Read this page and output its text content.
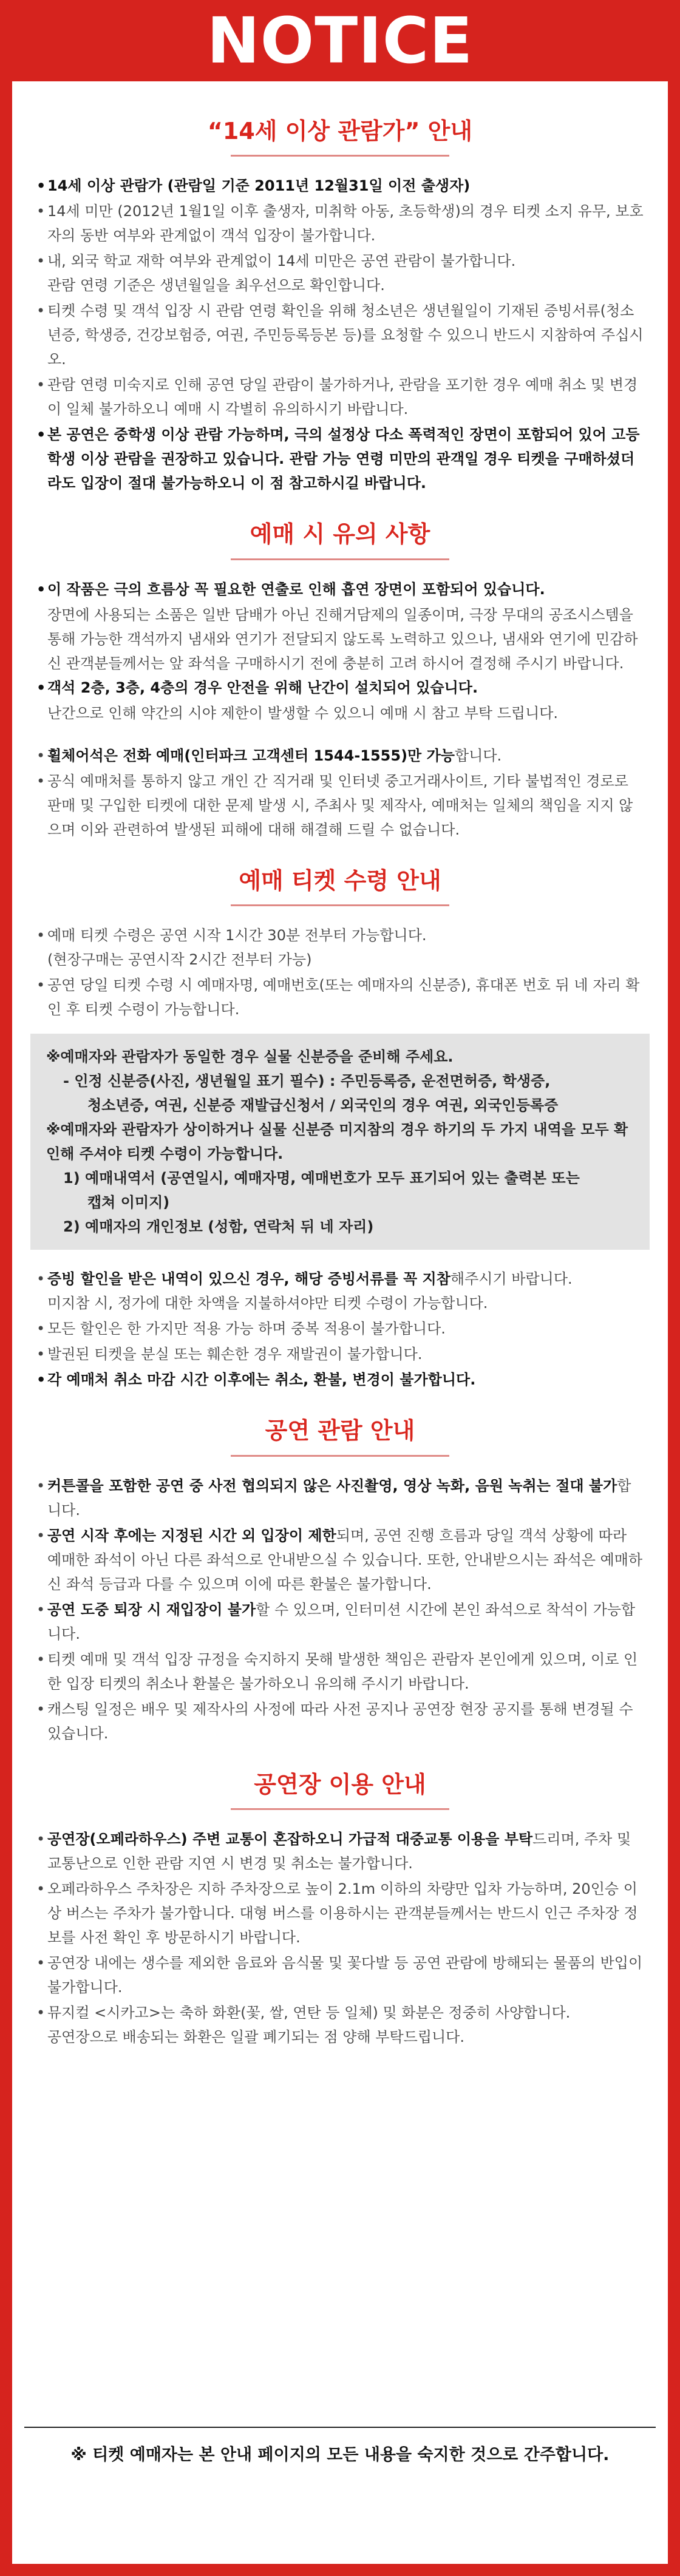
NOTICE
“14세 이상 관람가” 안내
• 14세 이상 관람가 (관람일 기준 2011년 12월31일 이전 출생자)
• 14세 미만 (2012년 1월1일 이후 출생자, 미취학 아동, 초등학생)의 경우 티켓 소지 유무, 보호자의 동반 여부와 관계없이 객석 입장이 불가합니다.
• 내, 외국 학교 재학 여부와 관계없이 14세 미만은 공연 관람이 불가합니다.
관람 연령 기준은 생년월일을 최우선으로 확인합니다.
• 티켓 수령 및 객석 입장 시 관람 연령 확인을 위해 청소년은 생년월일이 기재된 증빙서류(청소년증, 학생증, 건강보험증, 여권, 주민등록등본 등)를 요청할 수 있으니 반드시 지참하여 주십시오.
• 관람 연령 미숙지로 인해 공연 당일 관람이 불가하거나, 관람을 포기한 경우 예매 취소 및 변경이 일체 불가하오니 예매 시 각별히 유의하시기 바랍니다.
• 본 공연은 중학생 이상 관람 가능하며, 극의 설정상 다소 폭력적인 장면이 포함되어 있어 고등학생 이상 관람을 권장하고 있습니다. 관람 가능 연령 미만의 관객일 경우 티켓을 구매하셨더라도 입장이 절대 불가능하오니 이 점 참고하시길 바랍니다.
예매 시 유의 사항
• 이 작품은 극의 흐름상 꼭 필요한 연출로 인해 흡연 장면이 포함되어 있습니다.
장면에 사용되는 소품은 일반 담배가 아닌 진해거담제의 일종이며, 극장 무대의 공조시스템을 통해 가능한 객석까지 냄새와 연기가 전달되지 않도록 노력하고 있으나, 냄새와 연기에 민감하신 관객분들께서는 앞 좌석을 구매하시기 전에 충분히 고려 하시어 결정해 주시기 바랍니다.
• 객석 2층, 3층, 4층의 경우 안전을 위해 난간이 설치되어 있습니다.
난간으로 인해 약간의 시야 제한이 발생할 수 있으니 예매 시 참고 부탁 드립니다.
• 휠체어석은 전화 예매(인터파크 고객센터 1544-1555)만 가능합니다.
• 공식 예매처를 통하지 않고 개인 간 직거래 및 인터넷 중고거래사이트, 기타 불법적인 경로로 판매 및 구입한 티켓에 대한 문제 발생 시, 주최사 및 제작사, 예매처는 일체의 책임을 지지 않으며 이와 관련하여 발생된 피해에 대해 해결해 드릴 수 없습니다.
예매 티켓 수령 안내
• 예매 티켓 수령은 공연 시작 1시간 30분 전부터 가능합니다.
(현장구매는 공연시작 2시간 전부터 가능)
• 공연 당일 티켓 수령 시 예매자명, 예매번호(또는 예매자의 신분증), 휴대폰 번호 뒤 네 자리 확인 후 티켓 수령이 가능합니다.
※예매자와 관람자가 동일한 경우 실물 신분증을 준비해 주세요.
- 인정 신분증(사진, 생년월일 표기 필수) : 주민등록증, 운전면허증, 학생증,
청소년증, 여권, 신분증 재발급신청서 / 외국인의 경우 여권, 외국인등록증
※예매자와 관람자가 상이하거나 실물 신분증 미지참의 경우 하기의 두 가지 내역을 모두 확인해 주셔야 티켓 수령이 가능합니다.
1) 예매내역서 (공연일시, 예매자명, 예매번호가 모두 표기되어 있는 출력본 또는
캡쳐 이미지)
2) 예매자의 개인정보 (성함, 연락처 뒤 네 자리)
• 증빙 할인을 받은 내역이 있으신 경우, 해당 증빙서류를 꼭 지참해주시기 바랍니다.
미지참 시, 정가에 대한 차액을 지불하셔야만 티켓 수령이 가능합니다.
• 모든 할인은 한 가지만 적용 가능 하며 중복 적용이 불가합니다.
• 발권된 티켓을 분실 또는 훼손한 경우 재발권이 불가합니다.
• 각 예매처 취소 마감 시간 이후에는 취소, 환불, 변경이 불가합니다.
공연 관람 안내
• 커튼콜을 포함한 공연 중 사전 협의되지 않은 사진촬영, 영상 녹화, 음원 녹취는 절대 불가합니다.
• 공연 시작 후에는 지정된 시간 외 입장이 제한되며, 공연 진행 흐름과 당일 객석 상황에 따라 예매한 좌석이 아닌 다른 좌석으로 안내받으실 수 있습니다. 또한, 안내받으시는 좌석은 예매하신 좌석 등급과 다를 수 있으며 이에 따른 환불은 불가합니다.
• 공연 도중 퇴장 시 재입장이 불가할 수 있으며, 인터미션 시간에 본인 좌석으로 착석이 가능합니다.
• 티켓 예매 및 객석 입장 규정을 숙지하지 못해 발생한 책임은 관람자 본인에게 있으며, 이로 인한 입장 티켓의 취소나 환불은 불가하오니 유의해 주시기 바랍니다.
• 캐스팅 일정은 배우 및 제작사의 사정에 따라 사전 공지나 공연장 현장 공지를 통해 변경될 수 있습니다.
공연장 이용 안내
• 공연장(오페라하우스) 주변 교통이 혼잡하오니 가급적 대중교통 이용을 부탁드리며, 주차 및 교통난으로 인한 관람 지연 시 변경 및 취소는 불가합니다.
• 오페라하우스 주차장은 지하 주차장으로 높이 2.1m 이하의 차량만 입차 가능하며, 20인승 이상 버스는 주차가 불가합니다. 대형 버스를 이용하시는 관객분들께서는 반드시 인근 주차장 정보를 사전 확인 후 방문하시기 바랍니다.
• 공연장 내에는 생수를 제외한 음료와 음식물 및 꽃다발 등 공연 관람에 방해되는 물품의 반입이 불가합니다.
• 뮤지컬 <시카고>는 축하 화환(꽃, 쌀, 연탄 등 일체) 및 화분은 정중히 사양합니다.
공연장으로 배송되는 화환은 일괄 폐기되는 점 양해 부탁드립니다.
※ 티켓 예매자는 본 안내 페이지의 모든 내용을 숙지한 것으로 간주합니다.
